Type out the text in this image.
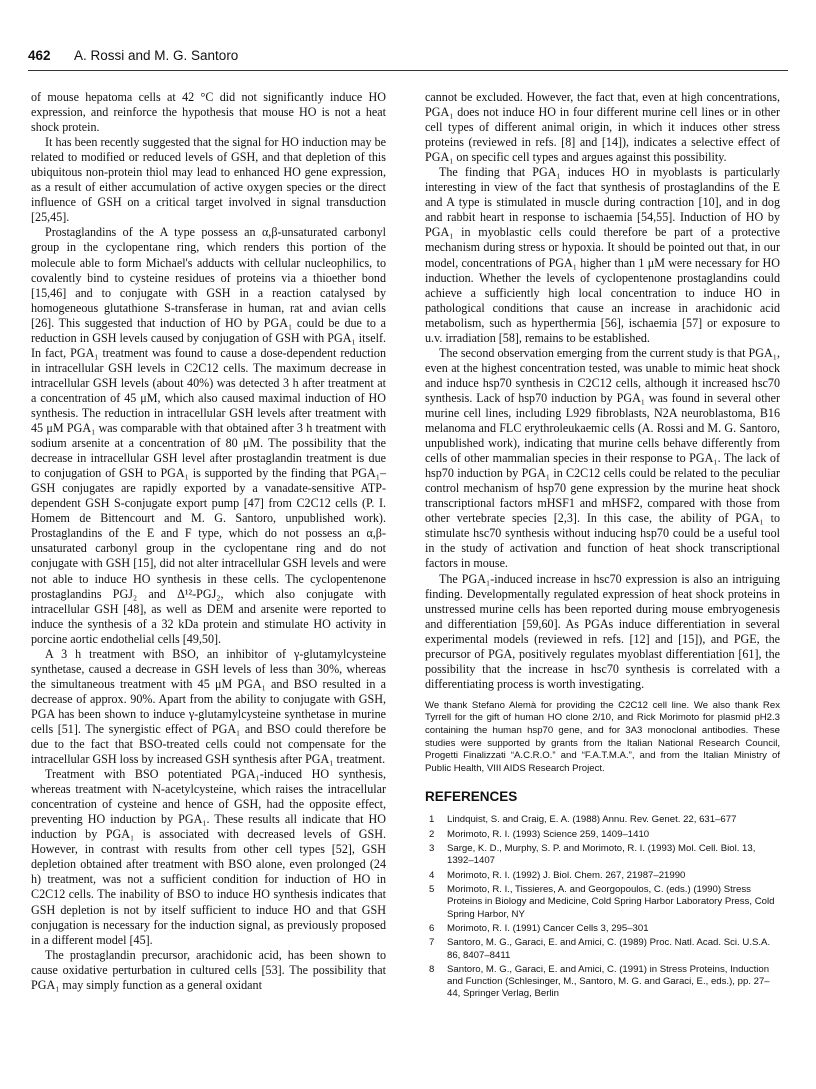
462 A. Rossi and M. G. Santoro

of mouse hepatoma cells at 42 °C did not significantly induce HO expression, and reinforce the hypothesis that mouse HO is not a heat shock protein.

It has been recently suggested that the signal for HO induction may be related to modified or reduced levels of GSH, and that depletion of this ubiquitous non-protein thiol may lead to enhanced HO gene expression, as a result of either accumulation of active oxygen species or the direct influence of GSH on a critical target involved in signal transduction [25,45].

Prostaglandins of the A type possess an α,β-unsaturated carbonyl group in the cyclopentane ring, which renders this portion of the molecule able to form Michael's adducts with cellular nucleophilics, to covalently bind to cysteine residues of proteins via a thioether bond [15,46] and to conjugate with GSH in a reaction catalysed by homogeneous glutathione S-transferase in human, rat and avian cells [26]. This suggested that induction of HO by PGA₁ could be due to a reduction in GSH levels caused by conjugation of GSH with PGA₁ itself. In fact, PGA₁ treatment was found to cause a dose-dependent reduction in intracellular GSH levels in C2C12 cells. The maximum decrease in intracellular GSH levels (about 40%) was detected 3 h after treatment at a concentration of 45 μM, which also caused maximal induction of HO synthesis. The reduction in intracellular GSH levels after treatment with 45 μM PGA₁ was comparable with that obtained after 3 h treatment with sodium arsenite at a concentration of 80 μM. The possibility that the decrease in intracellular GSH level after prostaglandin treatment is due to conjugation of GSH to PGA₁ is supported by the finding that PGA₁–GSH conjugates are rapidly exported by a vanadate-sensitive ATP-dependent GSH S-conjugate export pump [47] from C2C12 cells (P. I. Homem de Bittencourt and M. G. Santoro, unpublished work). Prostaglandins of the E and F type, which do not possess an α,β-unsaturated carbonyl group in the cyclopentane ring and do not conjugate with GSH [15], did not alter intracellular GSH levels and were not able to induce HO synthesis in these cells. The cyclopentenone prostaglandins PGJ₂ and Δ¹²-PGJ₂, which also conjugate with intracellular GSH [48], as well as DEM and arsenite were reported to induce the synthesis of a 32 kDa protein and stimulate HO activity in porcine aortic endothelial cells [49,50].

A 3 h treatment with BSO, an inhibitor of γ-glutamylcysteine synthetase, caused a decrease in GSH levels of less than 30%, whereas the simultaneous treatment with 45 μM PGA₁ and BSO resulted in a decrease of approx. 90%. Apart from the ability to conjugate with GSH, PGA has been shown to induce γ-glutamylcysteine synthetase in murine cells [51]. The synergistic effect of PGA₁ and BSO could therefore be due to the fact that BSO-treated cells could not compensate for the intracellular GSH loss by increased GSH synthesis after PGA₁ treatment.

Treatment with BSO potentiated PGA₁-induced HO synthesis, whereas treatment with N-acetylcysteine, which raises the intracellular concentration of cysteine and hence of GSH, had the opposite effect, preventing HO induction by PGA₁. These results all indicate that HO induction by PGA₁ is associated with decreased levels of GSH. However, in contrast with results from other cell types [52], GSH depletion obtained after treatment with BSO alone, even prolonged (24 h) treatment, was not a sufficient condition for induction of HO in C2C12 cells. The inability of BSO to induce HO synthesis indicates that GSH depletion is not by itself sufficient to induce HO and that GSH conjugation is necessary for the induction signal, as previously proposed in a different model [45].

The prostaglandin precursor, arachidonic acid, has been shown to cause oxidative perturbation in cultured cells [53]. The possibility that PGA₁ may simply function as a general oxidant

cannot be excluded. However, the fact that, even at high concentrations, PGA₁ does not induce HO in four different murine cell lines or in other cell types of different animal origin, in which it induces other stress proteins (reviewed in refs. [8] and [14]), indicates a selective effect of PGA₁ on specific cell types and argues against this possibility.

The finding that PGA₁ induces HO in myoblasts is particularly interesting in view of the fact that synthesis of prostaglandins of the E and A type is stimulated in muscle during contraction [10], and in dog and rabbit heart in response to ischaemia [54,55]. Induction of HO by PGA₁ in myoblastic cells could therefore be part of a protective mechanism during stress or hypoxia. It should be pointed out that, in our model, concentrations of PGA₁ higher than 1 μM were necessary for HO induction. Whether the levels of cyclopentenone prostaglandins could achieve a sufficiently high local concentration to induce HO in pathological conditions that cause an increase in arachidonic acid metabolism, such as hyperthermia [56], ischaemia [57] or exposure to u.v. irradiation [58], remains to be established.

The second observation emerging from the current study is that PGA₁, even at the highest concentration tested, was unable to mimic heat shock and induce hsp70 synthesis in C2C12 cells, although it increased hsc70 synthesis. Lack of hsp70 induction by PGA₁ was found in several other murine cell lines, including L929 fibroblasts, N2A neuroblastoma, B16 melanoma and FLC erythroleukaemic cells (A. Rossi and M. G. Santoro, unpublished work), indicating that murine cells behave differently from cells of other mammalian species in their response to PGA₁. The lack of hsp70 induction by PGA₁ in C2C12 cells could be related to the peculiar control mechanism of hsp70 gene expression by the murine heat shock transcriptional factors mHSF1 and mHSF2, compared with those from other vertebrate species [2,3]. In this case, the ability of PGA₁ to stimulate hsc70 synthesis without inducing hsp70 could be a useful tool in the study of activation and function of heat shock transcriptional factors in mouse.

The PGA₁-induced increase in hsc70 expression is also an intriguing finding. Developmentally regulated expression of heat shock proteins in unstressed murine cells has been reported during mouse embryogenesis and differentiation [59,60]. As PGAs induce differentiation in several experimental models (reviewed in refs. [12] and [15]), and PGE, the precursor of PGA, positively regulates myoblast differentiation [61], the possibility that the increase in hsc70 synthesis is correlated with a differentiating process is worth investigating.

We thank Stefano Alemà for providing the C2C12 cell line. We also thank Rex Tyrrell for the gift of human HO clone 2/10, and Rick Morimoto for plasmid pH2.3 containing the human hsp70 gene, and for 3A3 monoclonal antibodies. These studies were supported by grants from the Italian National Research Council, Progetti Finalizzati “A.C.R.O.” and “F.A.T.M.A.”, and from the Italian Ministry of Public Health, VIII AIDS Research Project.

REFERENCES
1 Lindquist, S. and Craig, E. A. (1988) Annu. Rev. Genet. 22, 631–677
2 Morimoto, R. I. (1993) Science 259, 1409–1410
3 Sarge, K. D., Murphy, S. P. and Morimoto, R. I. (1993) Mol. Cell. Biol. 13, 1392–1407
4 Morimoto, R. I. (1992) J. Biol. Chem. 267, 21987–21990
5 Morimoto, R. I., Tissieres, A. and Georgopoulos, C. (eds.) (1990) Stress Proteins in Biology and Medicine, Cold Spring Harbor Laboratory Press, Cold Spring Harbor, NY
6 Morimoto, R. I. (1991) Cancer Cells 3, 295–301
7 Santoro, M. G., Garaci, E. and Amici, C. (1989) Proc. Natl. Acad. Sci. U.S.A. 86, 8407–8411
8 Santoro, M. G., Garaci, E. and Amici, C. (1991) in Stress Proteins, Induction and Function (Schlesinger, M., Santoro, M. G. and Garaci, E., eds.), pp. 27–44, Springer Verlag, Berlin
